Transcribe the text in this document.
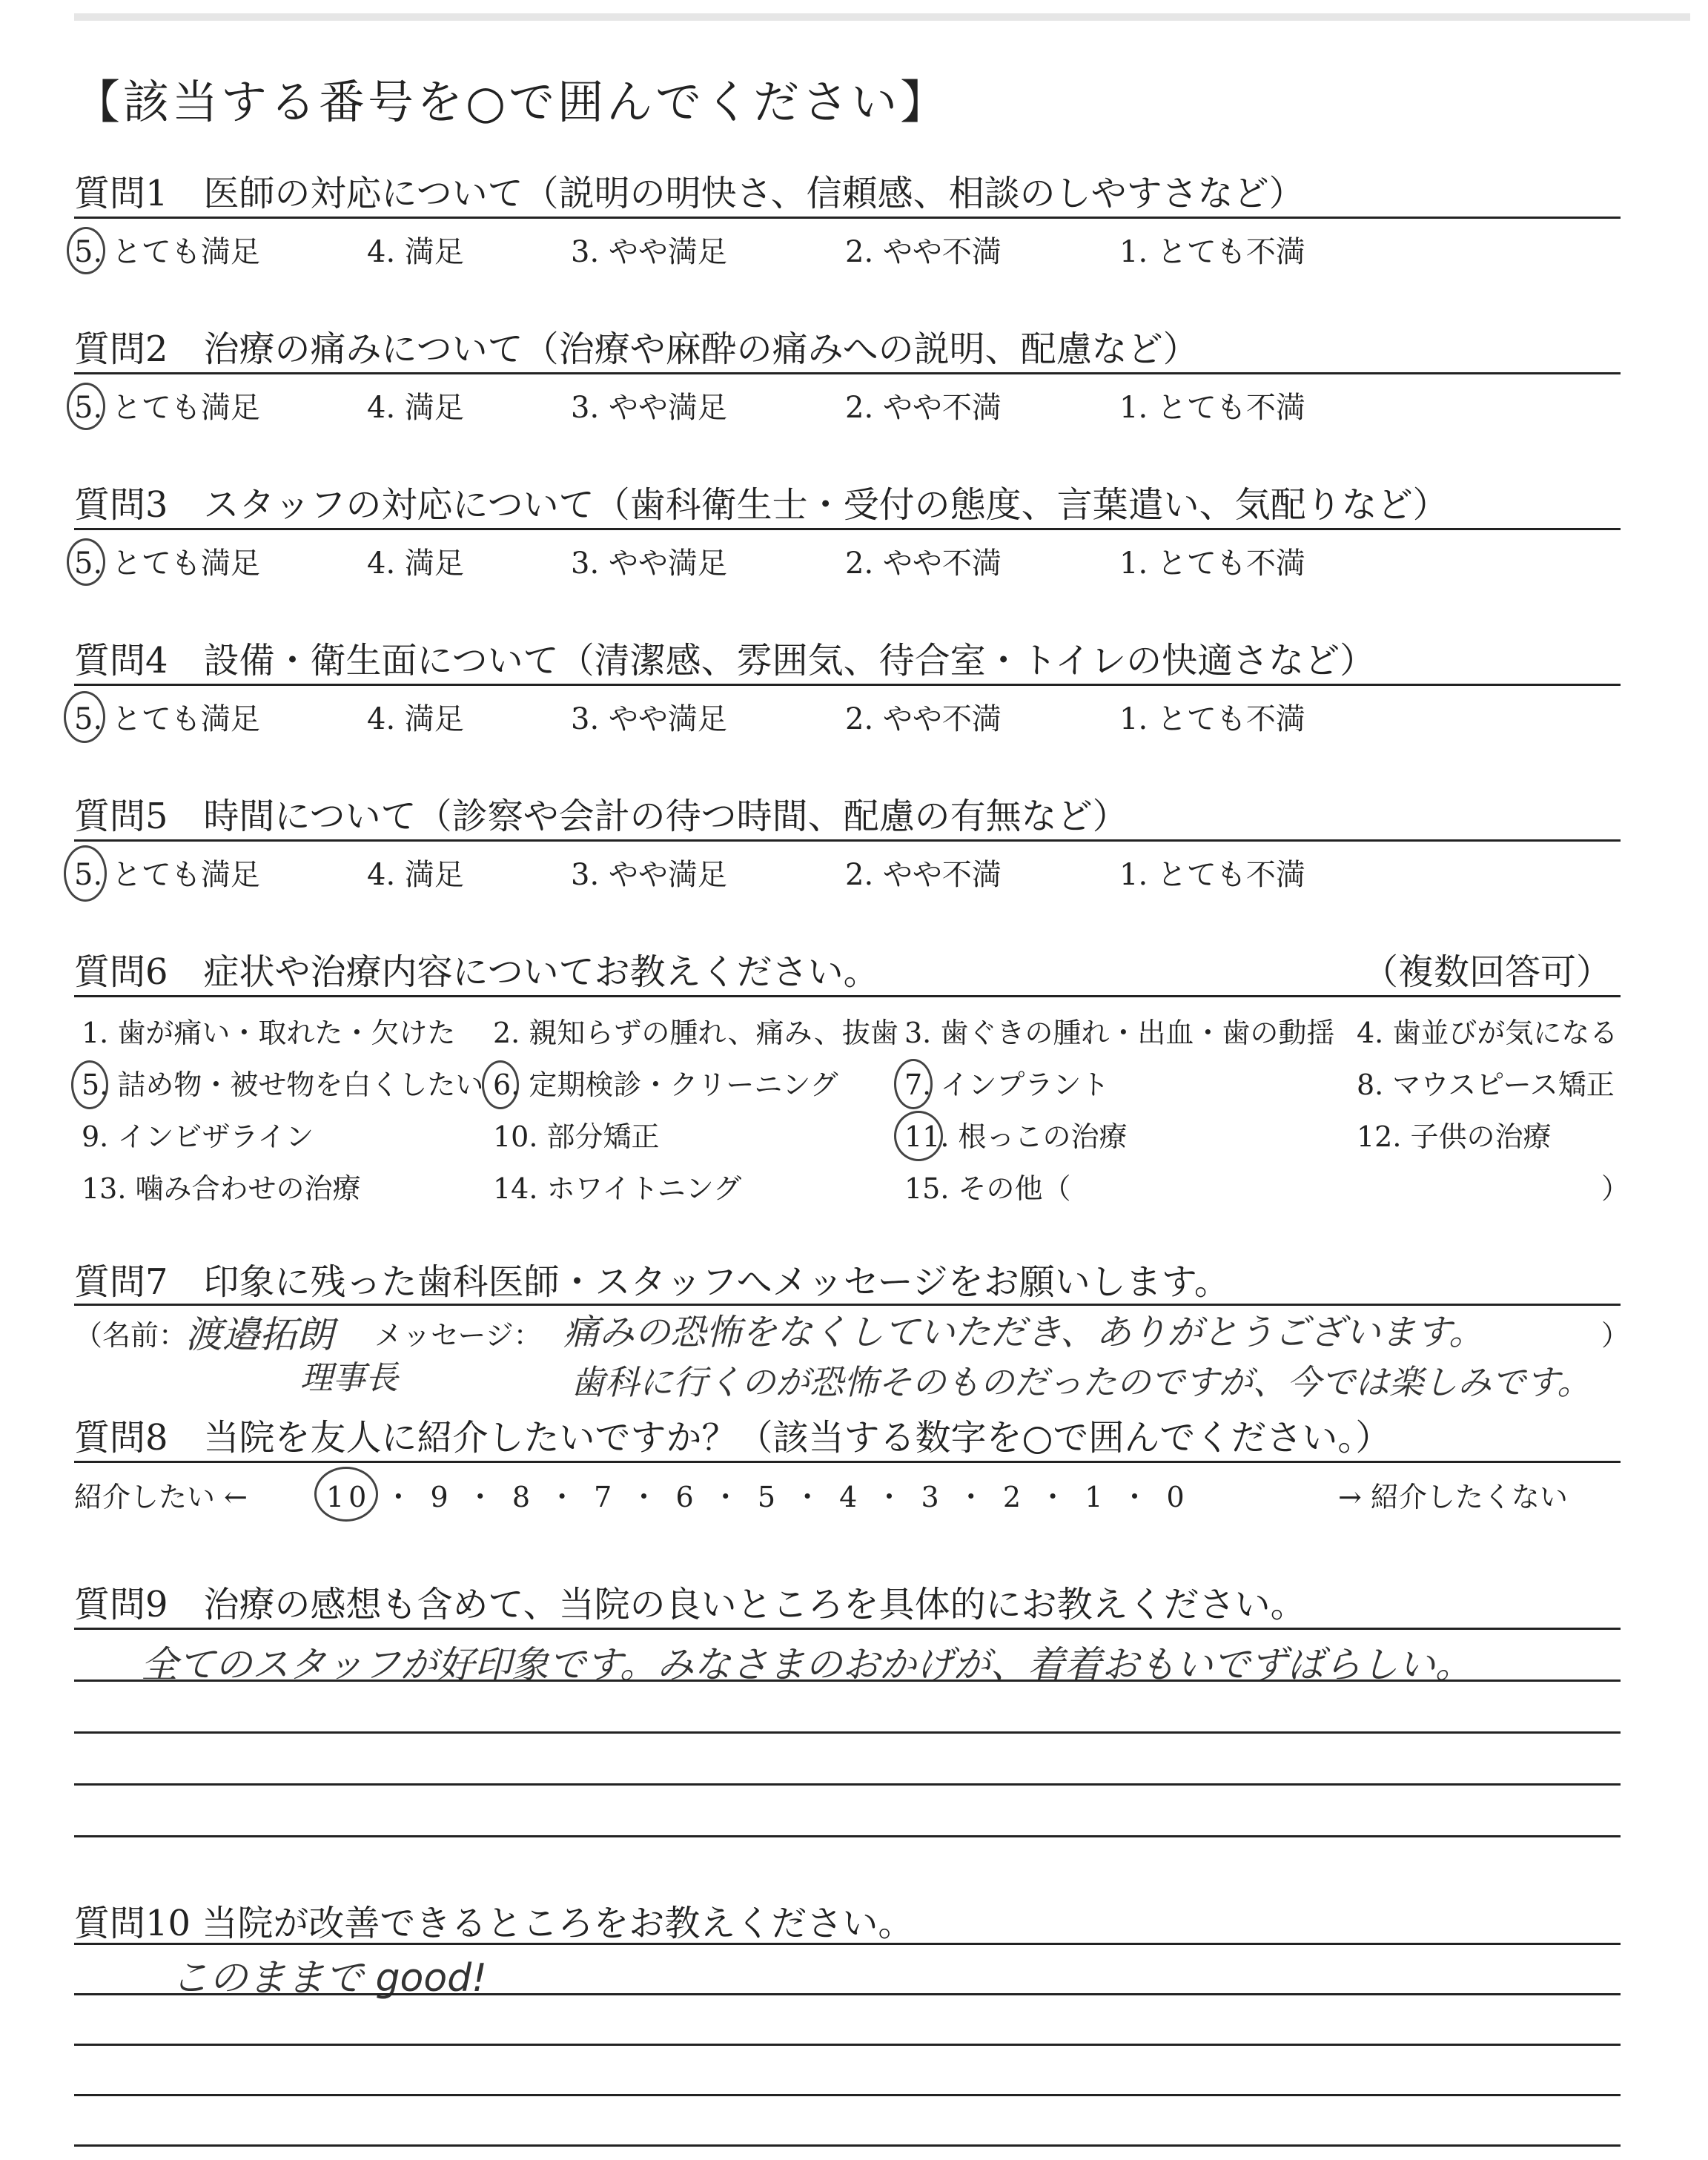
【該当する番号を○で囲んでください】
質問1　医師の対応について（説明の明快さ、信頼感、相談のしやすさなど）
5. とても満足	4. 満足	3. やや満足	2. やや不満	1. とても不満
質問2　治療の痛みについて（治療や麻酔の痛みへの説明、配慮など）
5. とても満足	4. 満足	3. やや満足	2. やや不満	1. とても不満
質問3　スタッフの対応について（歯科衛生士・受付の態度、言葉遣い、気配りなど）
5. とても満足	4. 満足	3. やや満足	2. やや不満	1. とても不満
質問4　設備・衛生面について（清潔感、雰囲気、待合室・トイレの快適さなど）
5. とても満足	4. 満足	3. やや満足	2. やや不満	1. とても不満
質問5　時間について（診察や会計の待つ時間、配慮の有無など）
5. とても満足	4. 満足	3. やや満足	2. やや不満	1. とても不満
質問6　症状や治療内容についてお教えください。	（複数回答可）
1. 歯が痛い・取れた・欠けた 2. 親知らずの腫れ、痛み、抜歯 3. 歯ぐきの腫れ・出血・歯の動揺 4. 歯並びが気になる
5. 詰め物・被せ物を白くしたい 6. 定期検診・クリーニング 7. インプラント	8. マウスピース矯正
9. インビザライン	10. 部分矯正	11. 根っこの治療	12. 子供の治療
13. 噛み合わせの治療	14. ホワイトニング	15. その他（	）
質問7　印象に残った歯科医師・スタッフへメッセージをお願いします。
（名前：
渡邉拓朗
理事長
メッセージ： 痛みの恐怖をなくしていただき、ありがとうございます。	）
歯科に行くのが恐怖そのものだったのですが、今では楽しみです。
質問8　当院を友人に紹介したいですか？（該当する数字を○で囲んでください。）
紹介したい ←	10 ・ 9 ・ 8 ・ 7 ・ 6 ・ 5 ・ 4 ・ 3 ・ 2 ・ 1 ・ 0	→ 紹介したくない
質問9　治療の感想も含めて、当院の良いところを具体的にお教えください。
全てのスタッフが好印象です。みなさまのおかげが、着着おもいでずばらしい。
質問10 当院が改善できるところをお教えください。
このままで good!
